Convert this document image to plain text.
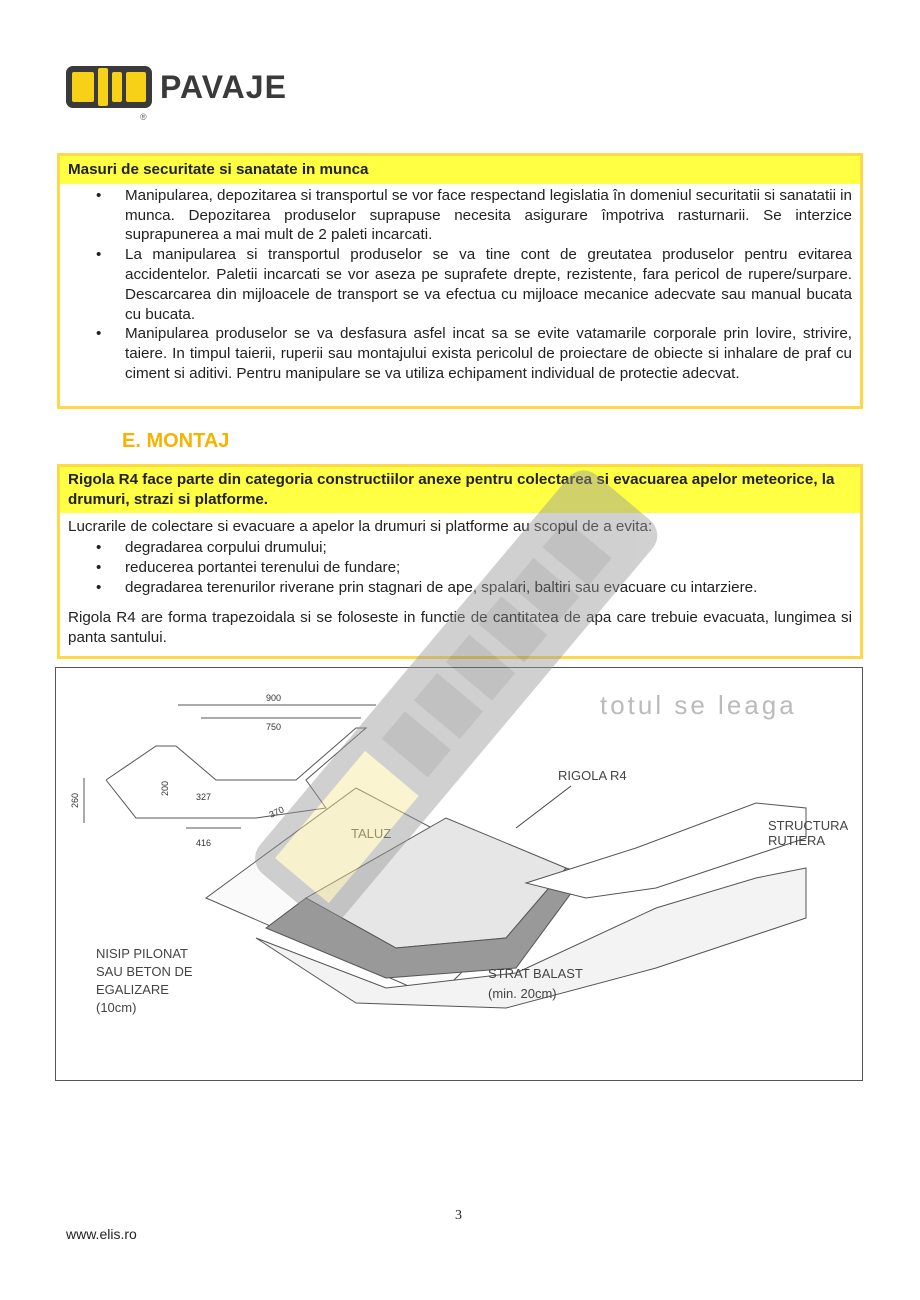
PAVAJE
®
Masuri de securitate si sanatate in munca
• Manipularea, depozitarea si transportul se vor face respectand legislatia în domeniul securitatii si sanatatii in munca. Depozitarea produselor suprapuse necesita asigurare împotriva rasturnarii. Se interzice suprapunerea a mai mult de 2 paleti incarcati.
• La manipularea si transportul produselor se va tine cont de greutatea produselor pentru evitarea accidentelor. Paletii incarcati se vor aseza pe suprafete drepte, rezistente, fara pericol de rupere/surpare. Descarcarea din mijloacele de transport se va efectua cu mijloace mecanice adecvate sau manual bucata cu bucata.
• Manipularea produselor se va desfasura asfel incat sa se evite vatamarile corporale prin lovire, strivire, taiere. In timpul taierii, ruperii sau montajului exista pericolul de proiectare de obiecte si inhalare de praf cu ciment si aditivi. Pentru manipulare se va utiliza echipament individual de protectie adecvat.
E. MONTAJ
Rigola R4 face parte din categoria constructiilor anexe pentru colectarea si evacuarea apelor meteorice, la drumuri, strazi si platforme.
Lucrarile de colectare si evacuare a apelor la drumuri si platforme au scopul de a evita:
• degradarea corpului drumului;
• reducerea portantei terenului de fundare;
• degradarea terenurilor riverane prin stagnari de ape, spalari, baltiri sau evacuare cu intarziere.
Rigola R4 are forma trapezoidala si se foloseste in functie de cantitatea de apa care trebuie evacuata, lungimea si panta santului.
900
750
260
200
327
370
416
TALUZ
RIGOLA R4
STRUCTURA
RUTIERA
NISIP PILONAT
SAU BETON DE
EGALIZARE
(10cm)
STRAT BALAST
(min. 20cm)
totul se leaga
3
www.elis.ro
